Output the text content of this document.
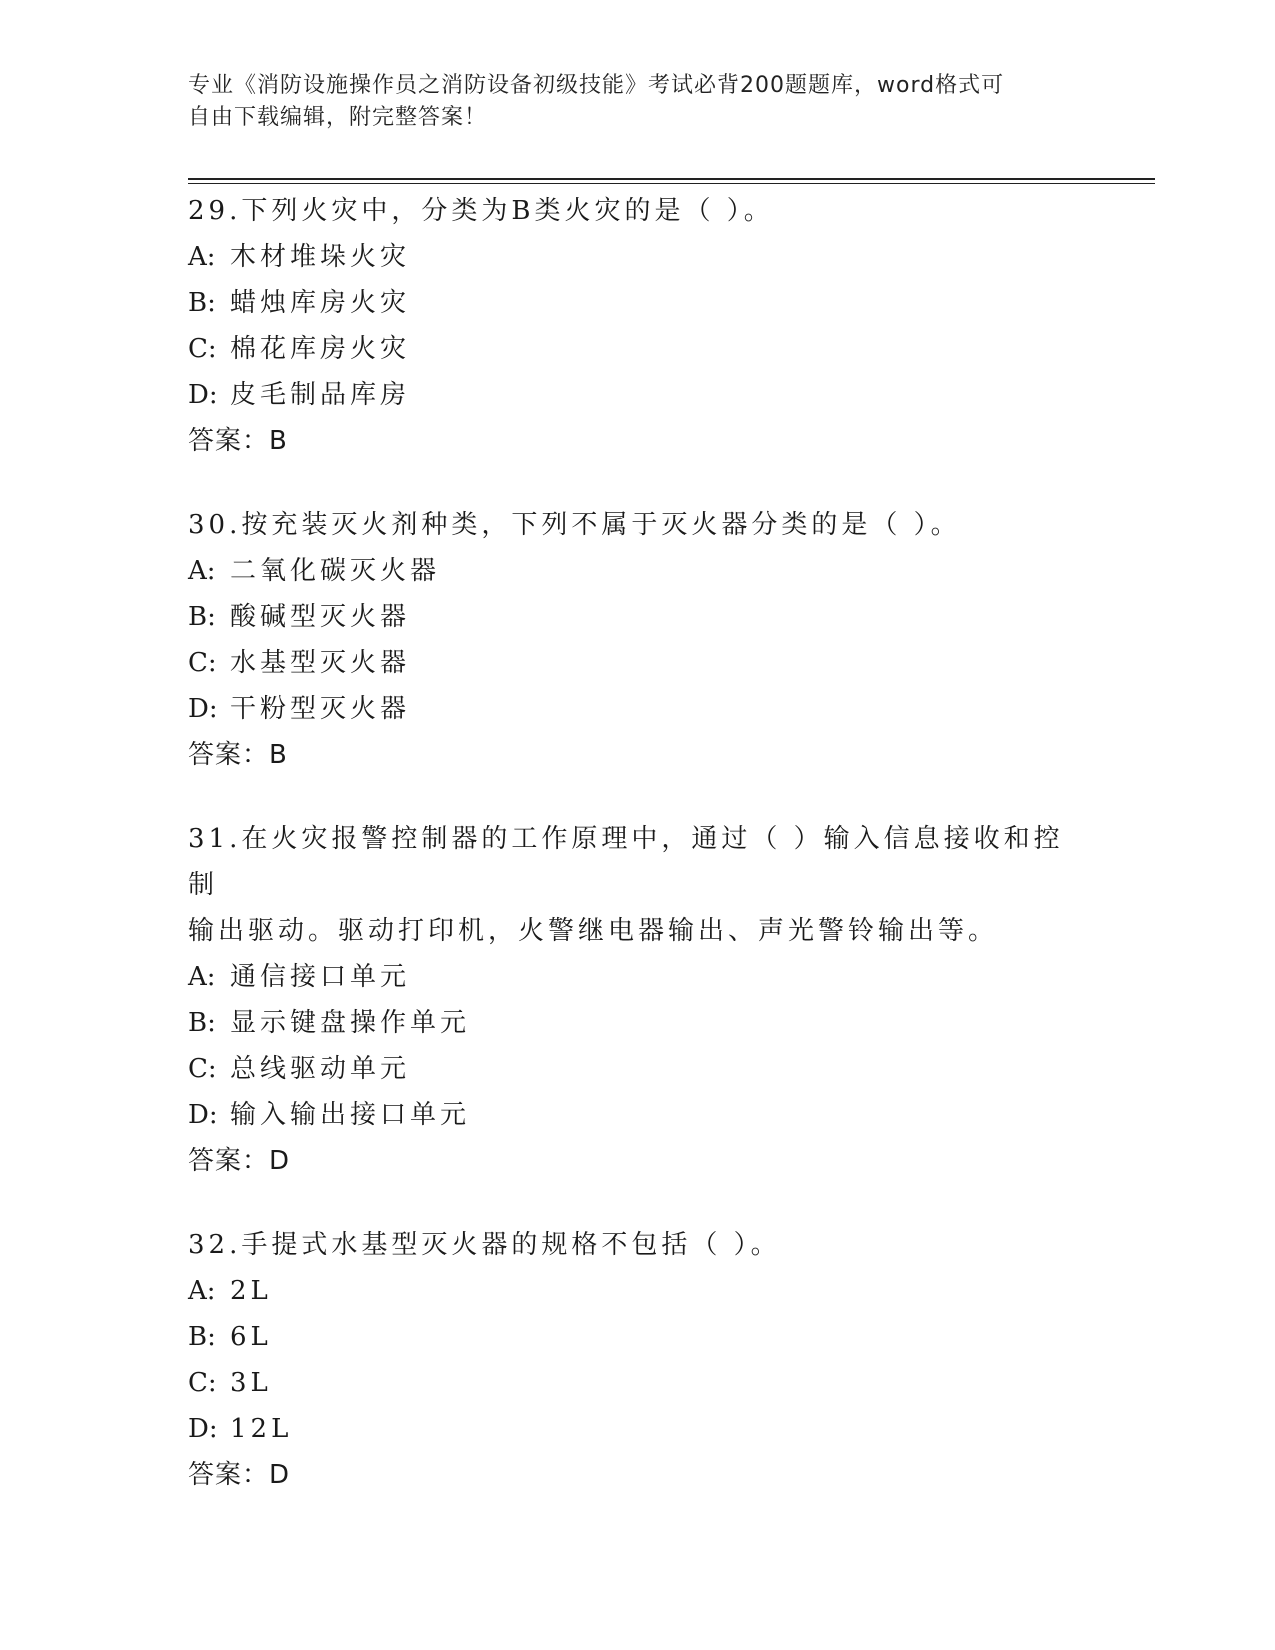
专业《消防设施操作员之消防设备初级技能》考试必背200题题库，word格式可
自由下载编辑，附完整答案！
29.下列火灾中，分类为B类火灾的是（ ）。
A: 木材堆垛火灾
B: 蜡烛库房火灾
C: 棉花库房火灾
D: 皮毛制品库房
答案：B
30.按充装灭火剂种类，下列不属于灭火器分类的是（ ）。
A: 二氧化碳灭火器
B: 酸碱型灭火器
C: 水基型灭火器
D: 干粉型灭火器
答案：B
31.在火灾报警控制器的工作原理中，通过（ ）输入信息接收和控制
输出驱动。驱动打印机，火警继电器输出、声光警铃输出等。
A: 通信接口单元
B: 显示键盘操作单元
C: 总线驱动单元
D: 输入输出接口单元
答案：D
32.手提式水基型灭火器的规格不包括（ ）。
A: 2L
B: 6L
C: 3L
D: 12L
答案：D
